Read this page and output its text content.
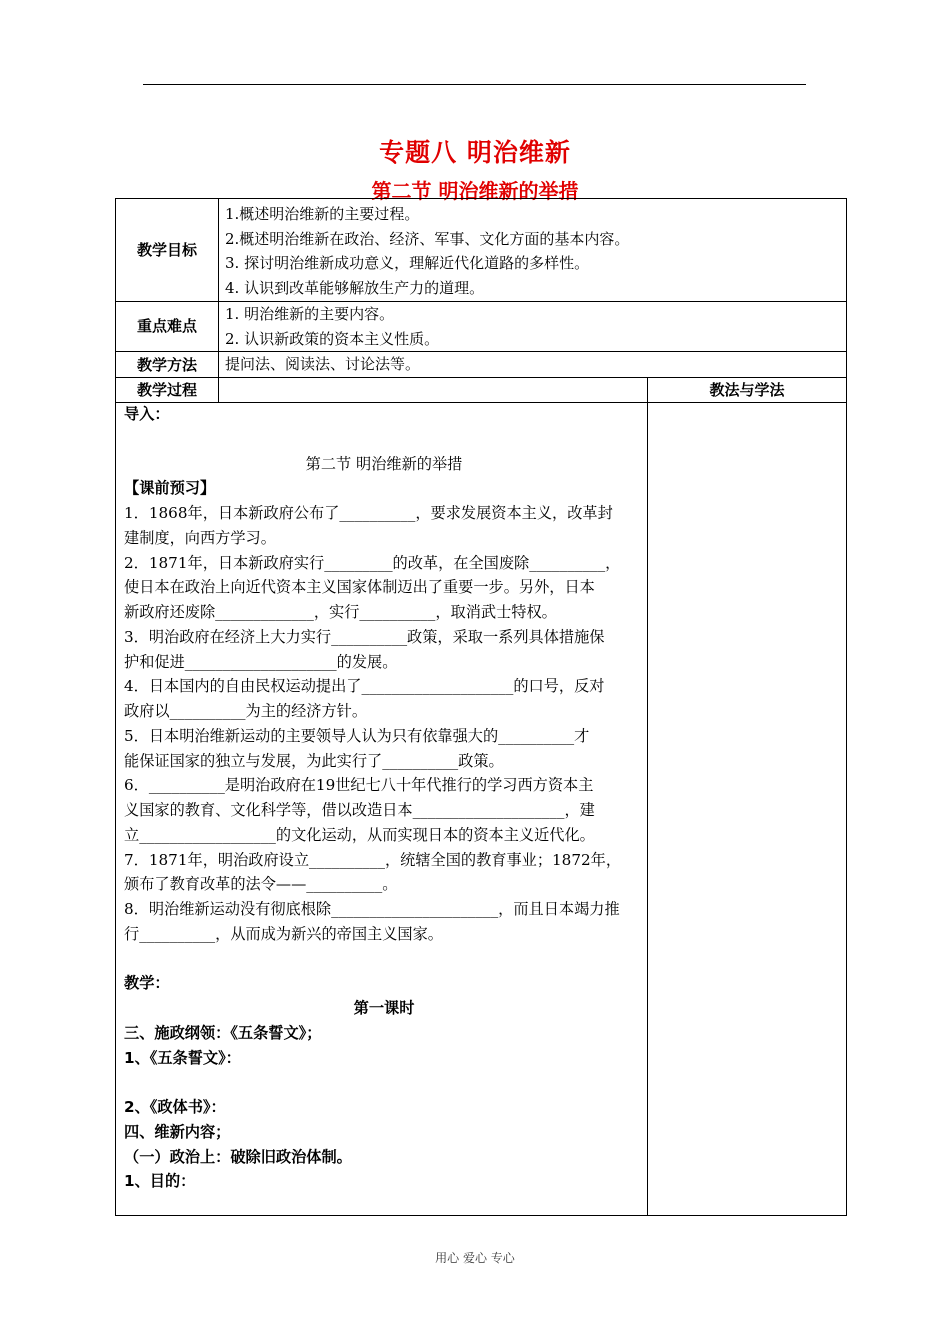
专题八 明治维新
第二节 明治维新的举措
教学目标
1.概述明治维新的主要过程。
2.概述明治维新在政治、经济、军事、文化方面的基本内容。
3. 探讨明治维新成功意义，理解近代化道路的多样性。
4. 认识到改革能够解放生产力的道理。
重点难点
1. 明治维新的主要内容。
2. 认识新政策的资本主义性质。
教学方法	提问法、阅读法、讨论法等。
教学过程	教法与学法

导入：

第二节 明治维新的举措

【课前预习】

1．1868年，日本新政府公布了__________，要求发展资本主义，改革封

建制度，向西方学习。

2．1871年，日本新政府实行_________的改革，在全国废除__________，

使日本在政治上向近代资本主义国家体制迈出了重要一步。另外，日本

新政府还废除_____________，实行__________，取消武士特权。

3．明治政府在经济上大力实行__________政策，采取一系列具体措施保

护和促进____________________的发展。

4．日本国内的自由民权运动提出了____________________的口号，反对

政府以__________为主的经济方针。

5．日本明治维新运动的主要领导人认为只有依靠强大的__________才

能保证国家的独立与发展，为此实行了__________政策。

6．__________是明治政府在19世纪七八十年代推行的学习西方资本主

义国家的教育、文化科学等，借以改造日本____________________，建

立__________________的文化运动，从而实现日本的资本主义近代化。

7．1871年，明治政府设立__________，统辖全国的教育事业；1872年，

颁布了教育改革的法令——__________。

8．明治维新运动没有彻底根除______________________，而且日本竭力推

行__________，从而成为新兴的帝国主义国家。

教学：

第一课时

三、施政纲领：《五条誓文》；

1、《五条誓文》：

2、《政体书》：

四、维新内容；

（一）政治上：破除旧政治体制。

1、目的：

用心 爱心 专心
